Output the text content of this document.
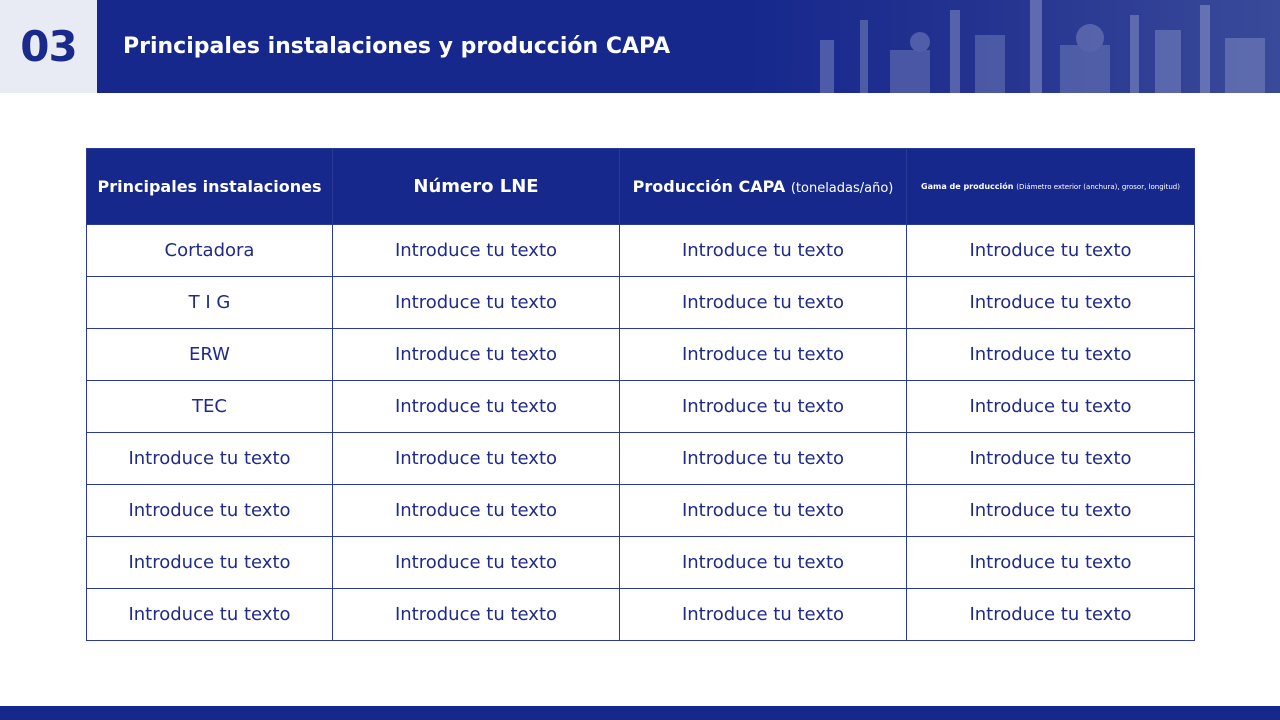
03 Principales instalaciones y producción CAPA
Principales instalaciones	Número LNE	Producción CAPA (toneladas/año)	Gama de producción (Diámetro exterior (anchura), grosor, longitud)
Cortadora	Introduce tu texto	Introduce tu texto	Introduce tu texto
T I G	Introduce tu texto	Introduce tu texto	Introduce tu texto
ERW	Introduce tu texto	Introduce tu texto	Introduce tu texto
TEC	Introduce tu texto	Introduce tu texto	Introduce tu texto
Introduce tu texto	Introduce tu texto	Introduce tu texto	Introduce tu texto
Introduce tu texto	Introduce tu texto	Introduce tu texto	Introduce tu texto
Introduce tu texto	Introduce tu texto	Introduce tu texto	Introduce tu texto
Introduce tu texto	Introduce tu texto	Introduce tu texto	Introduce tu texto
